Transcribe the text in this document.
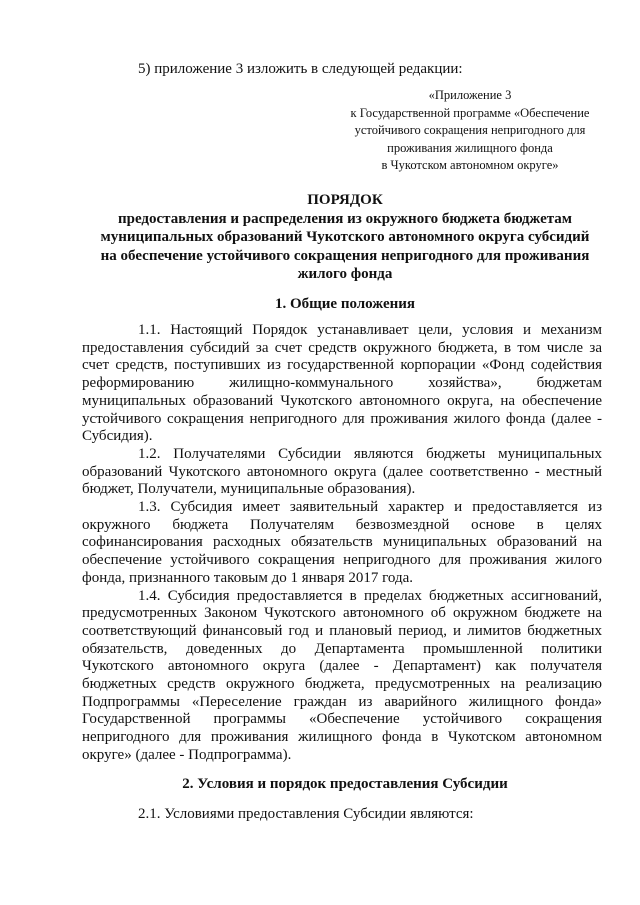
5) приложение 3 изложить в следующей редакции:
«Приложение 3
к Государственной программе «Обеспечение
устойчивого сокращения непригодного для
проживания жилищного фонда
в Чукотском автономном округе»
ПОРЯДОК
предоставления и распределения из окружного бюджета бюджетам
муниципальных образований Чукотского автономного округа субсидий
на обеспечение устойчивого сокращения непригодного для проживания
жилого фонда
1. Общие положения
1.1. Настоящий Порядок устанавливает цели, условия и механизм предоставления субсидий за счет средств окружного бюджета, в том числе за счет средств, поступивших из государственной корпорации «Фонд содействия реформированию жилищно-коммунального хозяйства», бюджетам муниципальных образований Чукотского автономного округа, на обеспечение устойчивого сокращения непригодного для проживания жилого фонда (далее - Субсидия).
1.2. Получателями Субсидии являются бюджеты муниципальных образований Чукотского автономного округа (далее соответственно - местный бюджет, Получатели, муниципальные образования).
1.3. Субсидия имеет заявительный характер и предоставляется из окружного бюджета Получателям безвозмездной основе в целях софинансирования расходных обязательств муниципальных образований на обеспечение устойчивого сокращения непригодного для проживания жилого фонда, признанного таковым до 1 января 2017 года.
1.4. Субсидия предоставляется в пределах бюджетных ассигнований, предусмотренных Законом Чукотского автономного об окружном бюджете на соответствующий финансовый год и плановый период, и лимитов бюджетных обязательств, доведенных до Департамента промышленной политики Чукотского автономного округа (далее - Департамент) как получателя бюджетных средств окружного бюджета, предусмотренных на реализацию Подпрограммы «Переселение граждан из аварийного жилищного фонда» Государственной программы «Обеспечение устойчивого сокращения непригодного для проживания жилищного фонда в Чукотском автономном округе» (далее - Подпрограмма).
2. Условия и порядок предоставления Субсидии
2.1. Условиями предоставления Субсидии являются:
